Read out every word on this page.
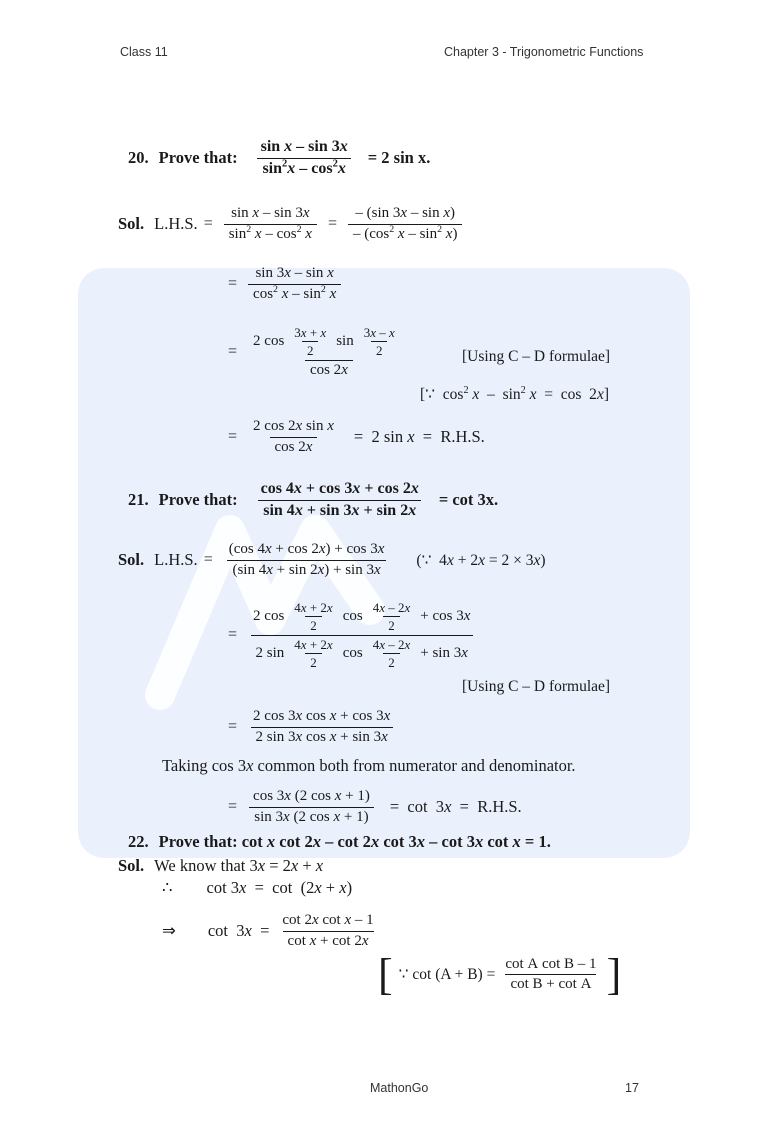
Class 11	Chapter 3 - Trigonometric Functions
20. Prove that: $\frac{\text{sin x – sin 3x}}{\sin^2x - \cos^2x} = 2$ sin x.
Sol. L.H.S. = $\frac{\text{sin x – sin 3x}}{\sin^2 x - \cos^2 x} = \frac{\text{– (sin 3x – sin x)}}{- (\cos^2 x - \sin^2 x)}$
= $\frac{\text{sin 3x – sin x}}{\cos^2 x - \sin^2 x}$
=
2 cos
3x + x
2
sin
3x – x
2
cos 2x
[Using C – D formulae]
[∵  $\cos^2 x - \sin^2 x = \cos 2x$]
= $\frac{\text{2 cos 2x sin x}}{\cos 2x} = 2$ sin x  =  R.H.S.
21. Prove that: $\frac{\cos 4x + \cos 3x + \cos 2x}{\sin 4x + \sin 3x + \sin 2x} = \cot 3x$.
Sol. L.H.S. = $\frac{(\cos 4x + \cos 2x) + \cos 3x}{(\sin 4x + \sin 2x) + \sin 3x}$ (∵  4x + 2x = 2 × 3x)
=
2 cos
4x + 2x
2
cos
4x – 2x
2
+ cos 3 x
2 sin
4x + 2x
2
cos
4x – 2x
2
+ sin 3 x
[Using C – D formulae]
= $\frac{\text{2 cos 3x cos x + cos 3x}}{\text{2 sin 3x cos x + sin 3x}}$
Taking cos 3x common both from numerator and denominator.
= $\frac{\text{cos 3x (2 cos x + 1)}}{\text{sin 3x (2 cos x + 1)}} = \cot 3x = R.H.S$.
22. Prove that: cot x cot 2x – cot 2x cot 3x – cot 3x cot x = 1.
Sol. We know that 3x = 2x + x
∴ cot 3x  =  cot  (2x + x)
⇒ $\cot 3x = \frac{\text{cot 2x cot x – 1}}{\text{cot x + cot 2x}}$
[ ∵ $\cot (A + B) = \frac{\text{cot A cot B – 1}}{\text{cot B + cot A}}$ ]
MathonGo	17
